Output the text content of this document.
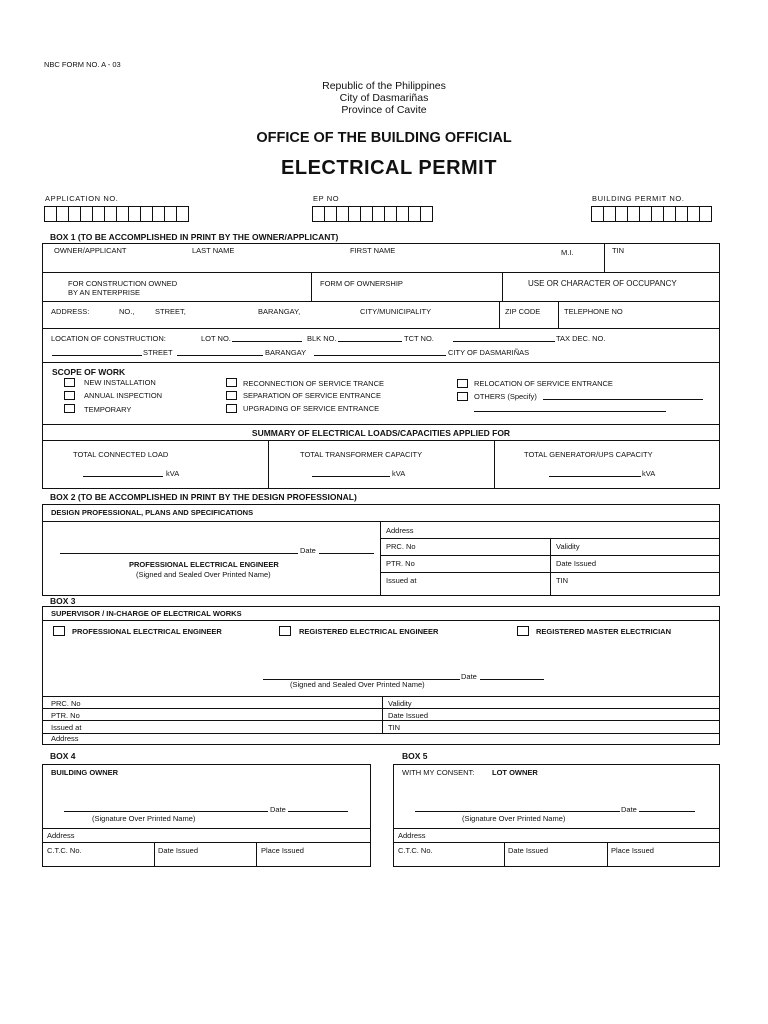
NBC FORM NO. A - 03
Republic of the Philippines
City of Dasmariñas
Province of Cavite
OFFICE OF THE BUILDING OFFICIAL
ELECTRICAL PERMIT
APPLICATION NO.	EP NO	BUILDING PERMIT NO.
BOX 1 (TO BE ACCOMPLISHED IN PRINT BY THE OWNER/APPLICANT)
OWNER/APPLICANT	LAST NAME	FIRST NAME	M.I.	TIN
FOR CONSTRUCTION OWNED
BY AN ENTERPRISE
FORM OF OWNERSHIP	USE OR CHARACTER OF OCCUPANCY
ADDRESS:	NO.,	STREET,	BARANGAY,	CITY/MUNICIPALITY	ZIP CODE	TELEPHONE NO
LOCATION OF CONSTRUCTION:	LOT NO.	BLK NO.	TCT NO.	TAX DEC. NO.
STREET	BARANGAY	CITY OF DASMARIÑAS
SCOPE OF WORK
NEW INSTALLATION
ANNUAL INSPECTION
TEMPORARY
RECONNECTION OF SERVICE TRANCE
SEPARATION OF SERVICE ENTRANCE
UPGRADING OF SERVICE ENTRANCE
RELOCATION OF SERVICE ENTRANCE
OTHERS (Specify)
SUMMARY OF ELECTRICAL LOADS/CAPACITIES APPLIED FOR
TOTAL CONNECTED LOAD
kVA
TOTAL TRANSFORMER CAPACITY
kVA
TOTAL GENERATOR/UPS CAPACITY
kVA
BOX 2 (TO BE ACCOMPLISHED IN PRINT BY THE DESIGN PROFESSIONAL)
DESIGN PROFESSIONAL, PLANS AND SPECIFICATIONS
Date
PROFESSIONAL ELECTRICAL ENGINEER
(Signed and Sealed Over Printed Name)
Address
PRC. No	Validity
PTR. No	Date Issued
Issued at	TIN
BOX 3
SUPERVISOR / IN-CHARGE OF ELECTRICAL WORKS
PROFESSIONAL ELECTRICAL ENGINEER	REGISTERED ELECTRICAL ENGINEER	REGISTERED MASTER ELECTRICIAN
Date
(Signed and Sealed Over Printed Name)
PRC. No	Validity
PTR. No	Date Issued
Issued at	TIN
Address
BOX 4
BUILDING OWNER
Date
(Signature Over Printed Name)
Address
C.T.C. No.	Date Issued	Place Issued
BOX 5
WITH MY CONSENT: LOT OWNER
Date
(Signature Over Printed Name)
Address
C.T.C. No.	Date Issued	Place Issued
